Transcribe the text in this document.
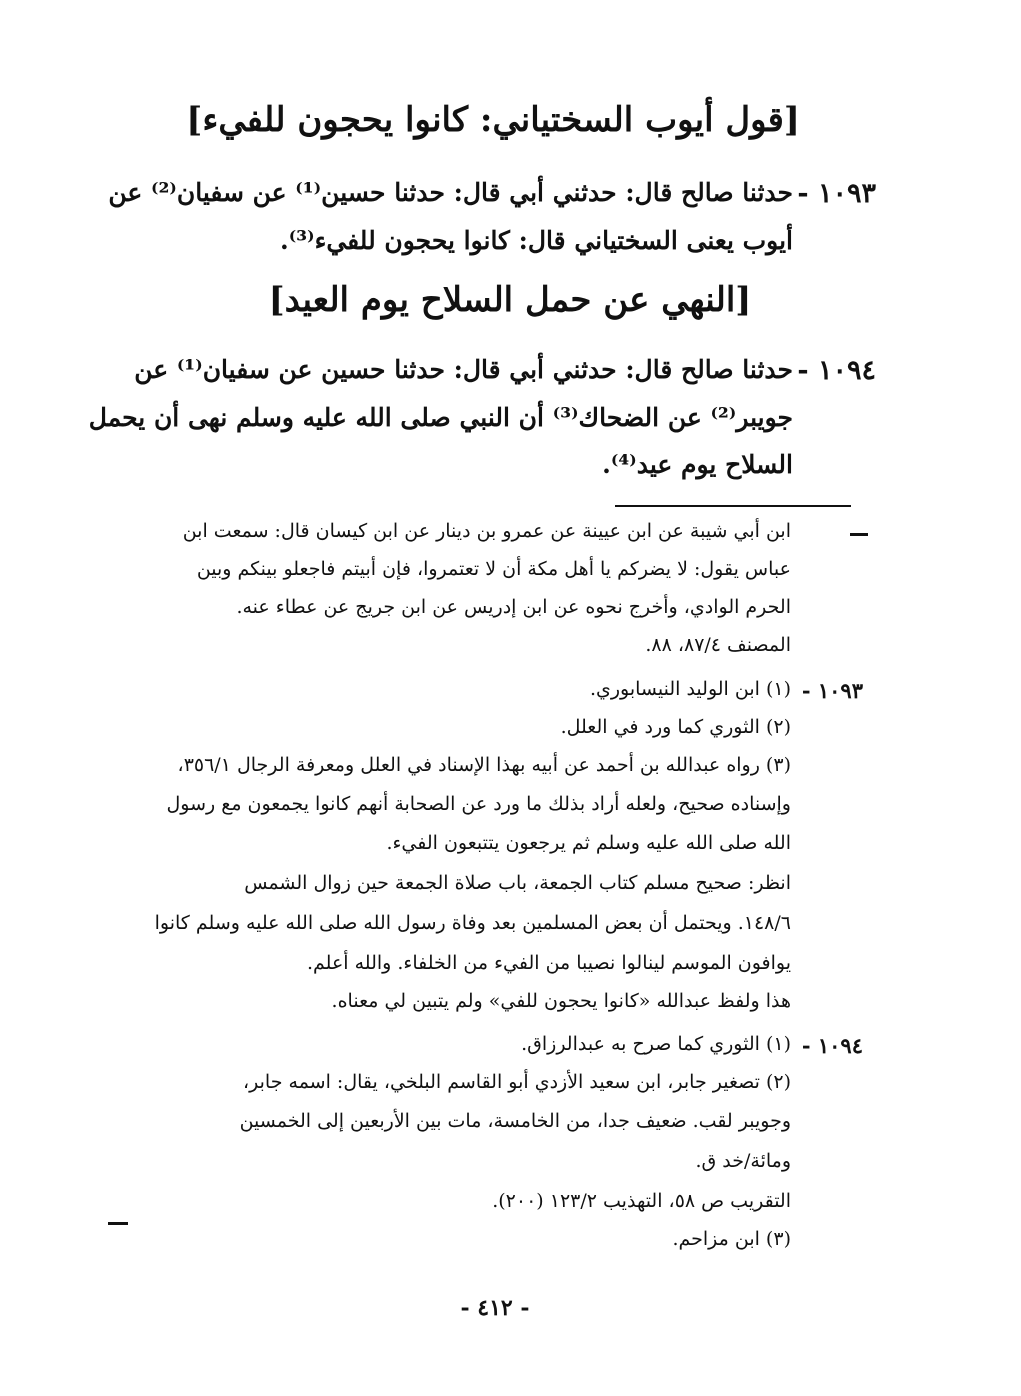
[قول أيوب السختياني: كانوا يحجون للفيء]
١٠٩٣ -
حدثنا صالح قال: حدثني أبي قال: حدثنا حسين⁽¹⁾ عن سفيان⁽²⁾ عن
أيوب يعنى السختياني قال: كانوا يحجون للفيء⁽³⁾.
[النهي عن حمل السلاح يوم العيد]
١٠٩٤ -
حدثنا صالح قال: حدثني أبي قال: حدثنا حسين عن سفيان⁽¹⁾ عن
جويبر⁽²⁾ عن الضحاك⁽³⁾ أن النبي صلى الله عليه وسلم نهى أن يحمل
السلاح يوم عيد⁽⁴⁾.
ابن أبي شيبة عن ابن عيينة عن عمرو بن دينار عن ابن كيسان قال: سمعت ابن
عباس يقول: لا يضركم يا أهل مكة أن لا تعتمروا، فإن أبيتم فاجعلو بينكم وبين
الحرم الوادي، وأخرج نحوه عن ابن إدريس عن ابن جريج عن عطاء عنه.
المصنف ٨٧/٤، ٨٨.
١٠٩٣ -
(١) ابن الوليد النيسابوري.
(٢) الثوري كما ورد في العلل.
(٣) رواه عبدالله بن أحمد عن أبيه بهذا الإسناد في العلل ومعرفة الرجال ٣٥٦/١،
وإسناده صحيح، ولعله أراد بذلك ما ورد عن الصحابة أنهم كانوا يجمعون مع رسول
الله صلى الله عليه وسلم ثم يرجعون يتتبعون الفيء.
انظر: صحيح مسلم كتاب الجمعة، باب صلاة الجمعة حين زوال الشمس
١٤٨/٦. ويحتمل أن بعض المسلمين بعد وفاة رسول الله صلى الله عليه وسلم كانوا
يوافون الموسم لينالوا نصيبا من الفيء من الخلفاء. والله أعلم.
هذا ولفظ عبدالله «كانوا يحجون للفي» ولم يتبين لي معناه.
١٠٩٤ -
(١) الثوري كما صرح به عبدالرزاق.
(٢) تصغير جابر، ابن سعيد الأزدي أبو القاسم البلخي، يقال: اسمه جابر،
وجويبر لقب. ضعيف جدا، من الخامسة، مات بين الأربعين إلى الخمسين
ومائة/خد ق.
التقريب ص ٥٨، التهذيب ١٢٣/٢ (٢٠٠).
(٣) ابن مزاحم.
- ٤١٢ -
